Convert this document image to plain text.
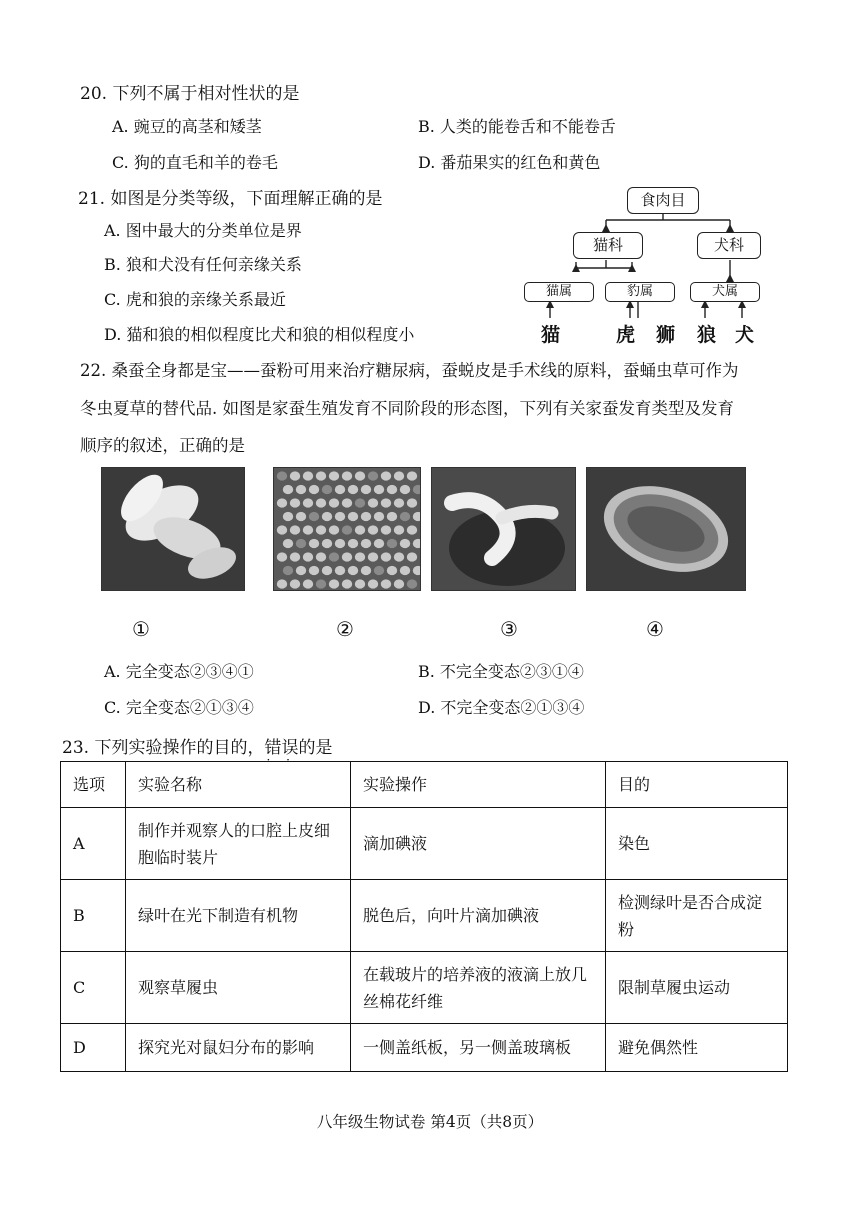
20. 下列不属于相对性状的是
A. 豌豆的高茎和矮茎	B. 人类的能卷舌和不能卷舌
C. 狗的直毛和羊的卷毛	D. 番茄果实的红色和黄色
21. 如图是分类等级，下面理解正确的是
A. 图中最大的分类单位是界
B. 狼和犬没有任何亲缘关系
C. 虎和狼的亲缘关系最近
D. 猫和狼的相似程度比犬和狼的相似程度小
食肉目
猫科	犬科
猫属	豹属	犬属
猫	虎 狮 狼 犬
22. 桑蚕全身都是宝——蚕粉可用来治疗糖尿病，蚕蜕皮是手术线的原料，蚕蛹虫草可作为
冬虫夏草的替代品. 如图是家蚕生殖发育不同阶段的形态图，下列有关家蚕发育类型及发育
顺序的叙述，正确的是
①	②	③	④
A. 完全变态②③④①	B. 不完全变态②③①④
C. 完全变态②①③④	D. 不完全变态②①③④
23. 下列实验操作的目的，错误 · ·的是
选项	实验名称	实验操作	目的
A	制作并观察人的口腔上皮细胞临时装片	滴加碘液	染色
B	绿叶在光下制造有机物	脱色后，向叶片滴加碘液	检测绿叶是否合成淀粉
C	观察草履虫	在载玻片的培养液的液滴上放几丝棉花纤维	限制草履虫运动
D	探究光对鼠妇分布的影响	一侧盖纸板，另一侧盖玻璃板	避免偶然性
八年级生物试卷 第4页（共8页）
